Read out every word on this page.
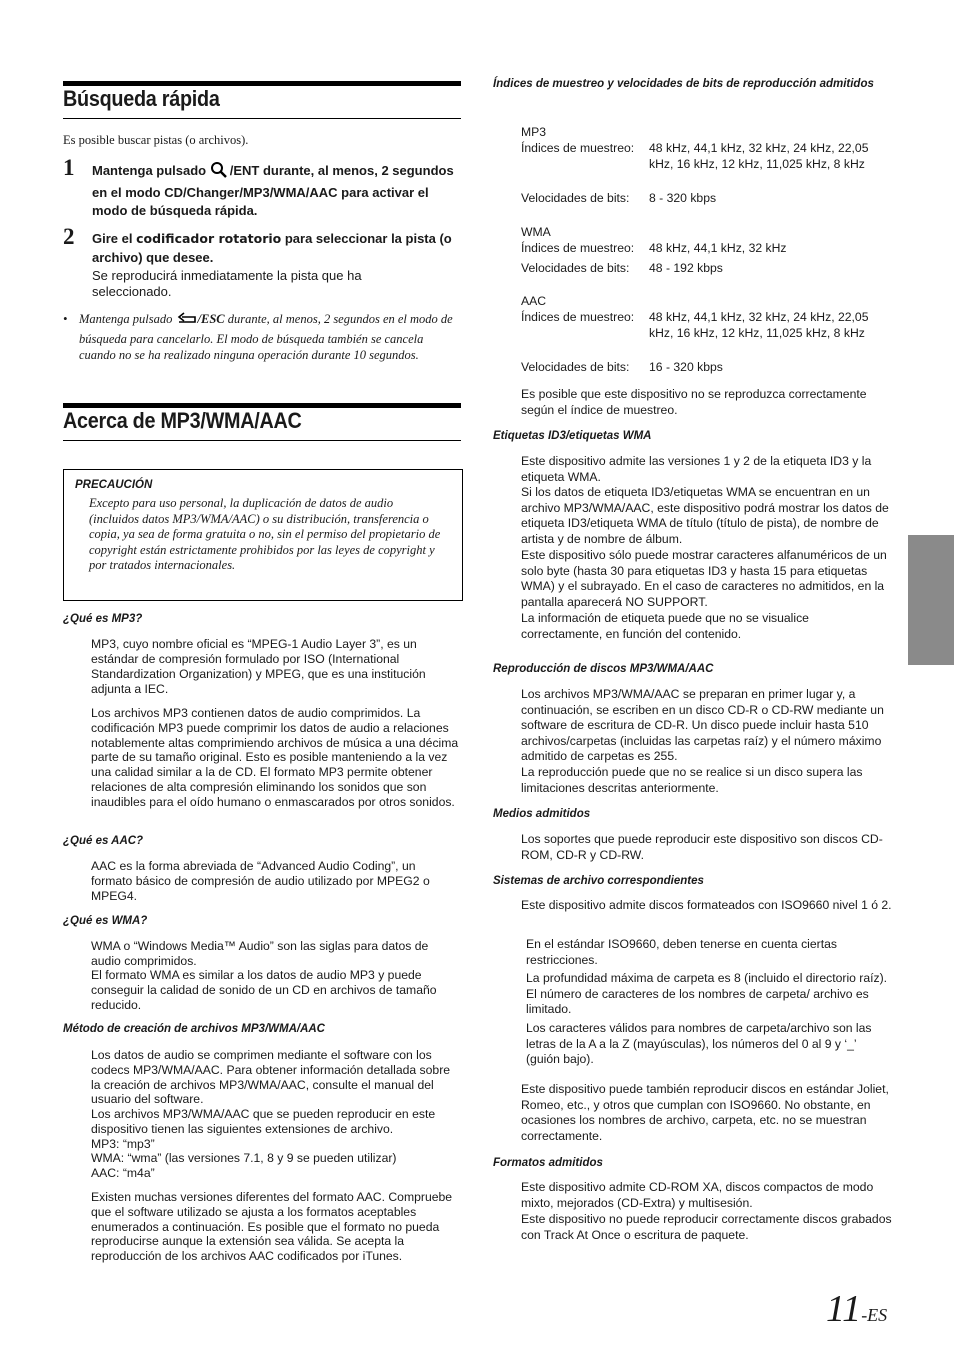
Búsqueda rápida
Es posible buscar pistas (o archivos).
1 Mantenga pulsado /ENT durante, al menos, 2 segundos en el modo CD/Changer/MP3/WMA/AAC para activar el modo de búsqueda rápida.
2 Gire el codificador rotatorio para seleccionar la pista (o archivo) que desee.
Se reproducirá inmediatamente la pista que ha seleccionado.
• Mantenga pulsado /ESC durante, al menos, 2 segundos en el modo de búsqueda para cancelarlo. El modo de búsqueda también se cancela cuando no se ha realizado ninguna operación durante 10 segundos.
Acerca de MP3/WMA/AAC
PRECAUCIÓN
Excepto para uso personal, la duplicación de datos de audio (incluidos datos MP3/WMA/AAC) o su distribución, transferencia o copia, ya sea de forma gratuita o no, sin el permiso del propietario de copyright están estrictamente prohibidos por las leyes de copyright y por tratados internacionales.
¿Qué es MP3?
MP3, cuyo nombre oficial es “MPEG-1 Audio Layer 3”, es un estándar de compresión formulado por ISO (International Standardization Organization) y MPEG, que es una institución adjunta a IEC.
Los archivos MP3 contienen datos de audio comprimidos. La codificación MP3 puede comprimir los datos de audio a relaciones notablemente altas comprimiendo archivos de música a una décima parte de su tamaño original. Esto es posible manteniendo a la vez una calidad similar a la de CD. El formato MP3 permite obtener relaciones de alta compresión eliminando los sonidos que son inaudibles para el oído humano o enmascarados por otros sonidos.
¿Qué es AAC?
AAC es la forma abreviada de “Advanced Audio Coding”, un formato básico de compresión de audio utilizado por MPEG2 o MPEG4.
¿Qué es WMA?
WMA o “Windows Media™ Audio” son las siglas para datos de audio comprimidos.
El formato WMA es similar a los datos de audio MP3 y puede conseguir la calidad de sonido de un CD en archivos de tamaño reducido.
Método de creación de archivos MP3/WMA/AAC
Los datos de audio se comprimen mediante el software con los codecs MP3/WMA/AAC. Para obtener información detallada sobre la creación de archivos MP3/WMA/AAC, consulte el manual del usuario del software.
Los archivos MP3/WMA/AAC que se pueden reproducir en este dispositivo tienen las siguientes extensiones de archivo.
MP3: “mp3”
WMA: “wma” (las versiones 7.1, 8 y 9 se pueden utilizar)
AAC: “m4a”
Existen muchas versiones diferentes del formato AAC. Compruebe que el software utilizado se ajusta a los formatos aceptables enumerados a continuación. Es posible que el formato no pueda reproducirse aunque la extensión sea válida. Se acepta la reproducción de los archivos AAC codificados por iTunes.
Índices de muestreo y velocidades de bits de reproducción admitidos
MP3
Índices de muestreo: 48 kHz, 44,1 kHz, 32 kHz, 24 kHz, 22,05 kHz, 16 kHz, 12 kHz, 11,025 kHz, 8 kHz
Velocidades de bits: 8 - 320 kbps
WMA
Índices de muestreo: 48 kHz, 44,1 kHz, 32 kHz
Velocidades de bits: 48 - 192 kbps
AAC
Índices de muestreo: 48 kHz, 44,1 kHz, 32 kHz, 24 kHz, 22,05 kHz, 16 kHz, 12 kHz, 11,025 kHz, 8 kHz
Velocidades de bits: 16 - 320 kbps
Es posible que este dispositivo no se reproduzca correctamente según el índice de muestreo.
Etiquetas ID3/etiquetas WMA
Este dispositivo admite las versiones 1 y 2 de la etiqueta ID3 y la etiqueta WMA.
Si los datos de etiqueta ID3/etiquetas WMA se encuentran en un archivo MP3/WMA/AAC, este dispositivo podrá mostrar los datos de etiqueta ID3/etiqueta WMA de título (título de pista), de nombre de artista y de nombre de álbum.
Este dispositivo sólo puede mostrar caracteres alfanuméricos de un solo byte (hasta 30 para etiquetas ID3 y hasta 15 para etiquetas WMA) y el subrayado. En el caso de caracteres no admitidos, en la pantalla aparecerá NO SUPPORT.
La información de etiqueta puede que no se visualice correctamente, en función del contenido.
Reproducción de discos MP3/WMA/AAC
Los archivos MP3/WMA/AAC se preparan en primer lugar y, a continuación, se escriben en un disco CD-R o CD-RW mediante un software de escritura de CD-R. Un disco puede incluir hasta 510 archivos/carpetas (incluidas las carpetas raíz) y el número máximo admitido de carpetas es 255.
La reproducción puede que no se realice si un disco supera las limitaciones descritas anteriormente.
Medios admitidos
Los soportes que puede reproducir este dispositivo son discos CD-ROM, CD-R y CD-RW.
Sistemas de archivo correspondientes
Este dispositivo admite discos formateados con ISO9660 nivel 1 ó 2.
En el estándar ISO9660, deben tenerse en cuenta ciertas restricciones.
La profundidad máxima de carpeta es 8 (incluido el directorio raíz). El número de caracteres de los nombres de carpeta/ archivo es limitado.
Los caracteres válidos para nombres de carpeta/archivo son las letras de la A a la Z (mayúsculas), los números del 0 al 9 y ‘_’ (guión bajo).
Este dispositivo puede también reproducir discos en estándar Joliet, Romeo, etc., y otros que cumplan con ISO9660. No obstante, en ocasiones los nombres de archivo, carpeta, etc. no se muestran correctamente.
Formatos admitidos
Este dispositivo admite CD-ROM XA, discos compactos de modo mixto, mejorados (CD-Extra) y multisesión.
Este dispositivo no puede reproducir correctamente discos grabados con Track At Once o escritura de paquete.
11-ES
